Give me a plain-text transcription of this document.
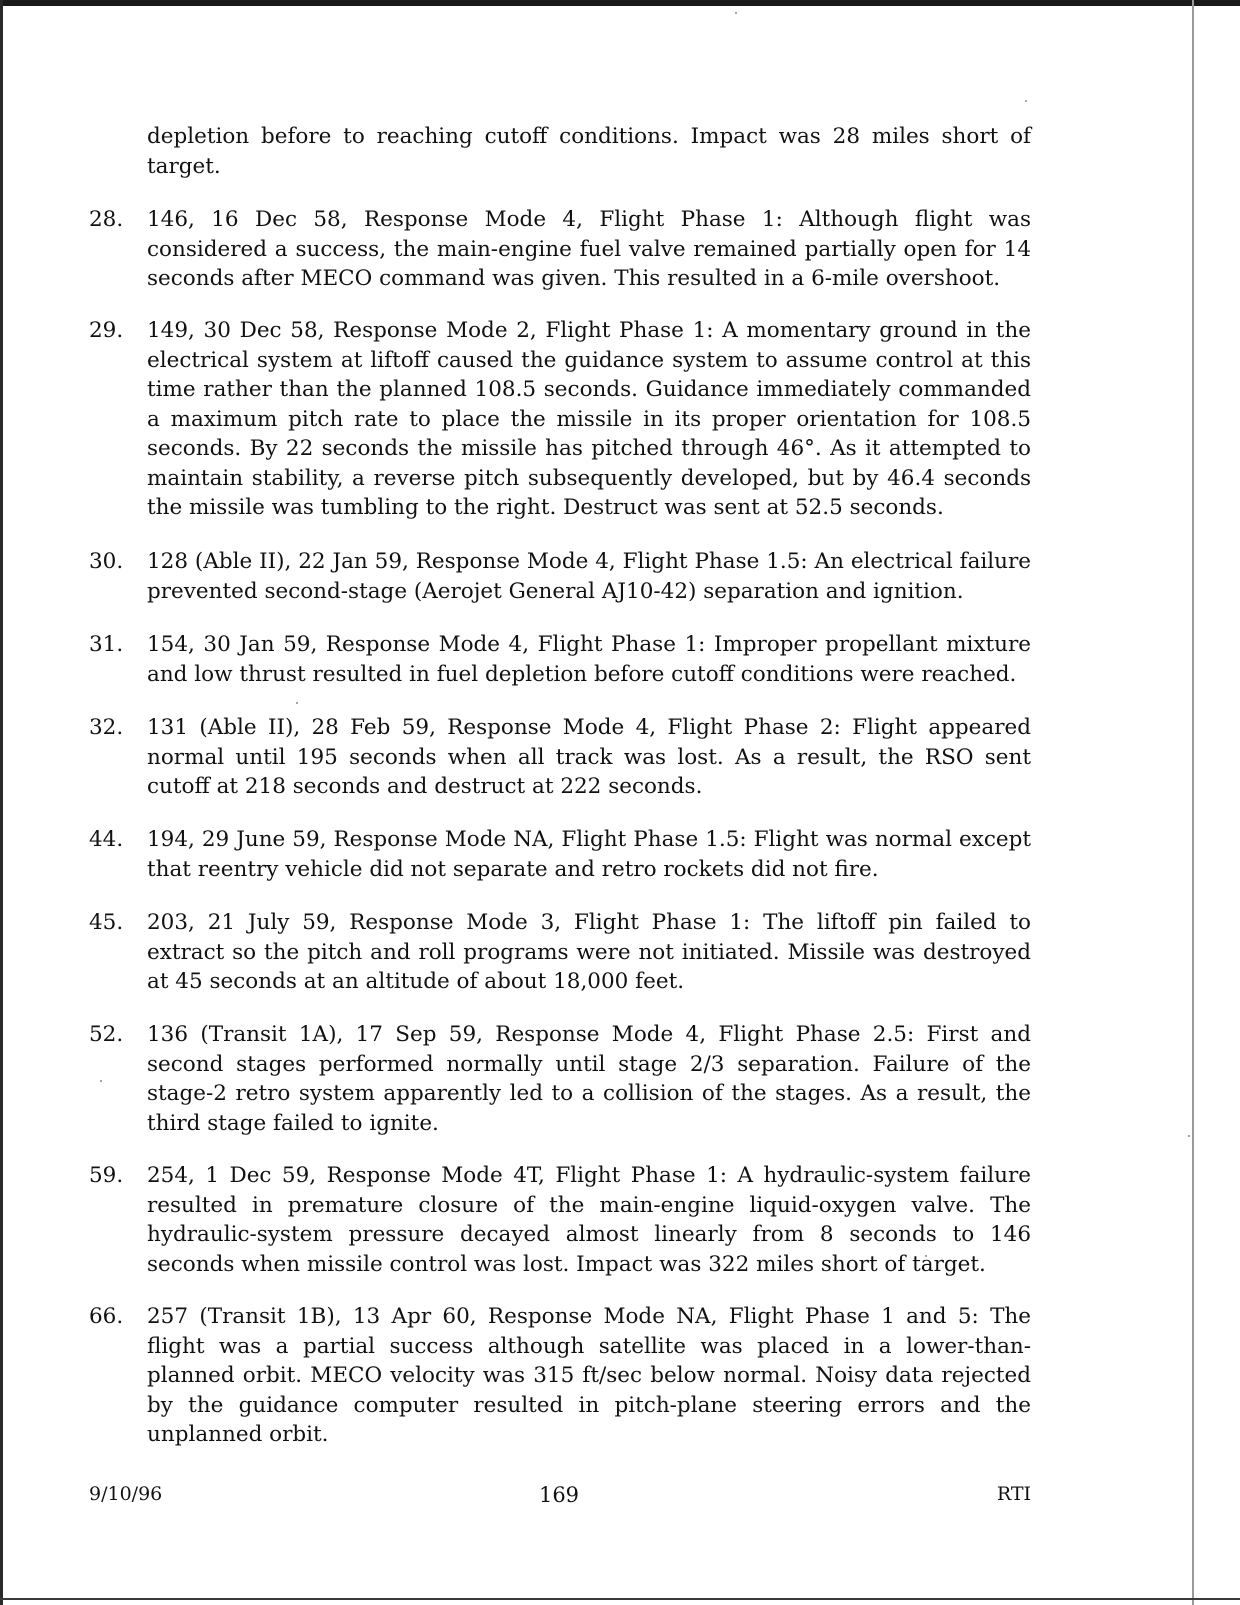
depletion before to reaching cutoff conditions. Impact was 28 miles short of target.

28.	146, 16 Dec 58, Response Mode 4, Flight Phase 1: Although flight was considered a success, the main-engine fuel valve remained partially open for 14 seconds after MECO command was given. This resulted in a 6-mile overshoot.

29.	149, 30 Dec 58, Response Mode 2, Flight Phase 1: A momentary ground in the electrical system at liftoff caused the guidance system to assume control at this time rather than the planned 108.5 seconds. Guidance immediately commanded a maximum pitch rate to place the missile in its proper orientation for 108.5 seconds. By 22 seconds the missile has pitched through 46°. As it attempted to maintain stability, a reverse pitch subsequently developed, but by 46.4 seconds the missile was tumbling to the right. Destruct was sent at 52.5 seconds.

30.	128 (Able II), 22 Jan 59, Response Mode 4, Flight Phase 1.5: An electrical failure prevented second-stage (Aerojet General AJ10-42) separation and ignition.

31.	154, 30 Jan 59, Response Mode 4, Flight Phase 1: Improper propellant mixture and low thrust resulted in fuel depletion before cutoff conditions were reached.

32.	131 (Able II), 28 Feb 59, Response Mode 4, Flight Phase 2: Flight appeared normal until 195 seconds when all track was lost. As a result, the RSO sent cutoff at 218 seconds and destruct at 222 seconds.

44.	194, 29 June 59, Response Mode NA, Flight Phase 1.5: Flight was normal except that reentry vehicle did not separate and retro rockets did not fire.

45.	203, 21 July 59, Response Mode 3, Flight Phase 1: The liftoff pin failed to extract so the pitch and roll programs were not initiated. Missile was destroyed at 45 seconds at an altitude of about 18,000 feet.

52.	136 (Transit 1A), 17 Sep 59, Response Mode 4, Flight Phase 2.5: First and second stages performed normally until stage 2/3 separation. Failure of the stage-2 retro system apparently led to a collision of the stages. As a result, the third stage failed to ignite.

59.	254, 1 Dec 59, Response Mode 4T, Flight Phase 1: A hydraulic-system failure resulted in premature closure of the main-engine liquid-oxygen valve. The hydraulic-system pressure decayed almost linearly from 8 seconds to 146 seconds when missile control was lost. Impact was 322 miles short of target.

66.	257 (Transit 1B), 13 Apr 60, Response Mode NA, Flight Phase 1 and 5: The flight was a partial success although satellite was placed in a lower-than-planned orbit. MECO velocity was 315 ft/sec below normal. Noisy data rejected by the guidance computer resulted in pitch-plane steering errors and the unplanned orbit.

9/10/96	169	RTI
